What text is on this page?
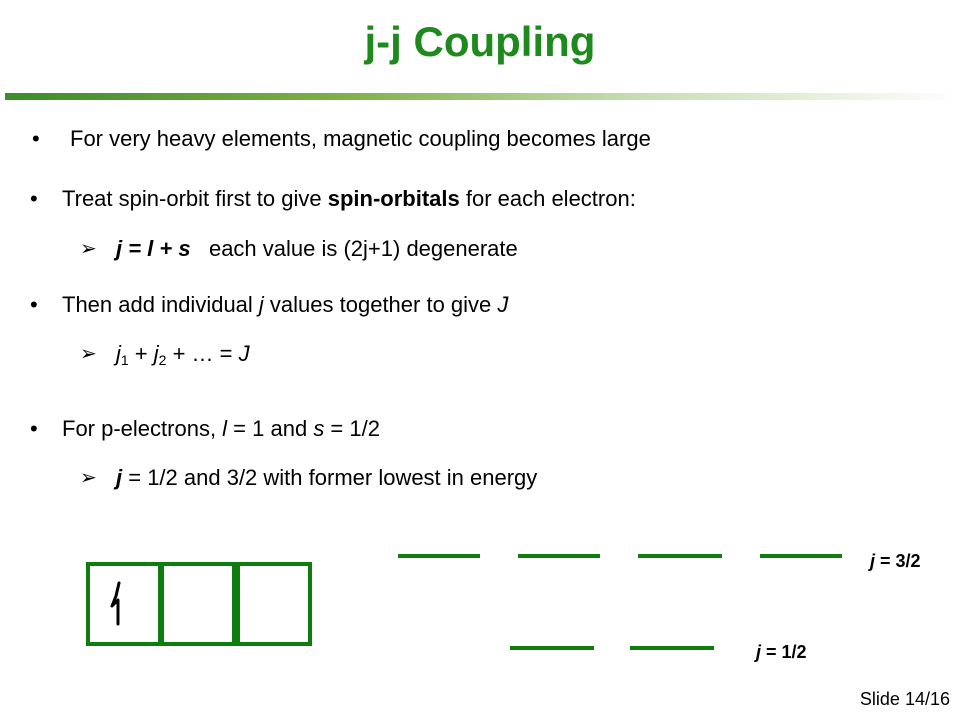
j-j Coupling
• For very heavy elements, magnetic coupling becomes large
• Treat spin-orbit first to give spin-orbitals for each electron:
➢ j = l + s each value is (2j+1) degenerate
• Then add individual j values together to give J
➢ $j_1 + j_2$ + … = J
• For p-electrons, l = 1 and s = 1/2
➢ j = 1/2 and 3/2 with former lowest in energy
j = 3/2
j = 1/2
Slide 14/16
